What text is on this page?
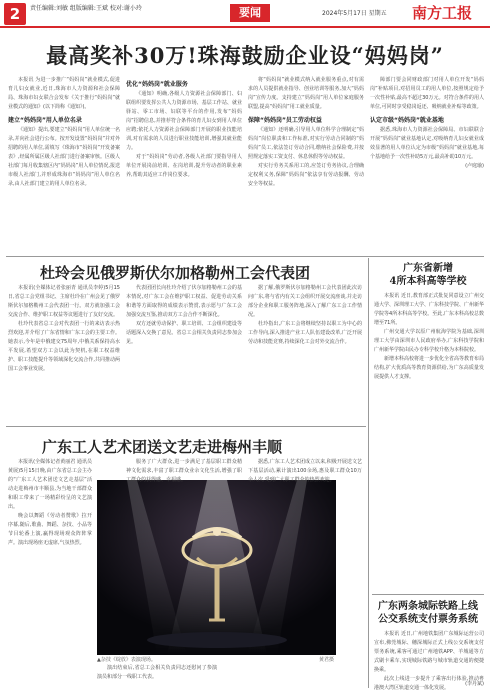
2	责任编辑:刘敏 组版编辑:王斌 校对:谢小玲	要闻	2024年5月17日 星期五 南方工报
最高奖补30万!珠海鼓励企业设“妈妈岗”

本报讯 为进一步推广“妈妈岗”就业模式,促进育儿妇女就业,近日,珠海市人力资源和社会保障局、珠海市妇女联合会发布《关于推行“妈妈岗”就业模式的通知》(以下简称《通知》)。

建立“妈妈岗”用人单位名录

《通知》提出,要建立“妈妈岗”用人单位统一名录,并向社会进行公布。按开发设置“妈妈岗”并对外招聘的用人单位,需填写《珠海市“妈妈岗”开发备案表》,经属所属区级人社部门进行备案审核。区级人社部门每月收集辖区内“妈妈岗”用人单位情况,报送市级人社部门,并形成珠海市“妈妈岗”用人单位名录,由人社部门建立的用人单位名录。

优化“妈妈岗”就业服务

《通知》明确,各级人力资源社会保障部门、妇联组织要发挥公共人力资源市场、基层工作站、就业驿站、零工市场、妇联等平台的作用,发布“妈妈岗”招聘信息,并推荐符合条件的育儿妇女到用人单位应聘;依托人力资源社会保障部门开展的职业技能培训,对有需求的人员进行职业技能培训,增强其就业能力。

对于“妈妈岗”劳动者,各级人社部门要指导用人单位开展岗前培训、在岗培训,提升劳动者的职业素养,帮助其适应工作岗位要求。

将“妈妈岗”就业模式纳入就业服务重点,对有需求的人员提供就业指导、创业培训等服务,加大“妈妈岗”宣传力度。支持建立“妈妈岗”用人单位家庭服务联盟,提高“妈妈岗”用工就业质量。

保障“妈妈岗”员工劳动权益

《通知》还明确,引导用人单位科学合理制定“妈妈岗”岗位职责和工作标准,对实行劳动合同制的“妈妈岗”员工,依法签订劳动合同,缴纳社会保险费,并按照规定落实工资支付、休息休假等劳动权益。

对实行劳务关系用工的,应签订劳务协议,合理确定权利义务,保障“妈妈岗”依法享有劳动报酬、劳动安全等权益。

障部门要会同财政部门对用人单位开发“妈妈岗”补贴项目,对招用员工的用人单位,按照规定给予一次性补贴,最高不超过30万元。对符合条件的用人单位,可同时享受稳岗返还、吸纳就业补贴等政策。

认定市级“妈妈岗”就业基地

据悉,珠海市人力资源社会保障局、市妇联联合开展“妈妈岗”就业基地认定,对吸纳育儿妇女就业成效显著的用人单位认定为市级“妈妈岗”就业基地,每个基地给予一次性补助5万元,最高补助10万元。

(卢庭瑜)
杜玲会见俄罗斯伏尔加格勒州工会代表团

本报讯(全媒体记者张丽青 通讯员李婷)5月15日,省总工会党组书记、主席杜玲在广州会见了俄罗斯伏尔加格勒州工会代表团一行。双方就加强工会交流合作、维护职工权益等议题进行了友好交流。

杜玲代表省总工会对代表团一行的来访表示热烈欢迎,并介绍了广东省情和广东工会的主要工作。她表示,今年是中俄建交75周年,中俄关系保持高水平发展,希望双方工会以此为契机,在职工权益维护、职工技能提升等领域深化交流合作,共同推动两国工会事业发展。

代表团团长向杜玲介绍了伏尔加格勒州工会的基本情况,对广东工会在维护职工权益、促进劳动关系和谐等方面取得的成绩表示赞赏,表示愿与广东工会加强交流互鉴,推动双方工会合作不断深化。

双方还就劳动保护、职工培训、工会组织建设等话题深入交换了意见。省总工会相关负责同志参加会见。

据了解,俄罗斯伏尔加格勒州工会代表团此次访问广东,将与省内有关工会组织开展交流座谈,并走访部分企业和职工服务阵地,深入了解广东工会工作情况。

杜玲指出,广东工会将继续坚持以职工为中心的工作导向,深入推进产业工人队伍建设改革,广泛开展劳动和技能竞赛,持续深化工会对外交流合作。

广东工人艺术团送文艺走进梅州丰顺

本报讯(全媒体记者黄丽君 通讯员黄展)5月15日晚,由广东省总工会主办的“广东工人艺术团送文艺走基层”活动走进梅州市丰顺县,为当地干部群众和职工带来了一场精彩纷呈的文艺演出。

晚会以舞蹈《劳动者赞歌》拉开序幕,随后,歌曲、舞蹈、杂技、小品等节目轮番上演,赢得现场观众阵阵掌声。演出现场座无虚席,气氛热烈。

▲杂技《绽放》表演现场。	黄君摄

服务了广大群众,进一步满足了基层职工群众精神文化需求,丰富了职工群众业余文化生活,增强了职工群众的获得感、幸福感。

据悉,广东工人艺术团成立以来,积极开展送文艺下基层活动,累计演出100余场,惠及职工群众10万余人次,受到广大职工群众的热烈欢迎。

演出结束后,省总工会相关负责同志还慰问了参演演员和部分一线职工代表。

广东省新增
4所本科高等学校

本报讯 近日,教育部正式批复同意设立广州交通大学、深圳理工大学、广东科技学院、广州新华学院等4所本科高等学校。至此,广东本科高校总数增至71所。

广州交通大学以原广州航海学院为基础,深圳理工大学由深圳市人民政府举办,广东科技学院和广州新华学院由民办专科学校升格为本科院校。

新增本科高校将进一步优化全省高等教育布局结构,扩大优质高等教育资源供给,为广东高质量发展提供人才支撑。

广东两条城际铁路上线
公交系统支付票务系统

本报讯 近日,广州地铁集团广东城际运营公司宣布,佛莞城际、穗深城际正式上线公交系统支付票务系统,乘客可通过广州地铁APP、羊城通等方式刷卡乘车,实现城际铁路与城市轨道交通的便捷换乘。

此次上线进一步提升了乘客出行体验,推动粤港澳大湾区轨道交通一体化发展。

(李丹斌)
